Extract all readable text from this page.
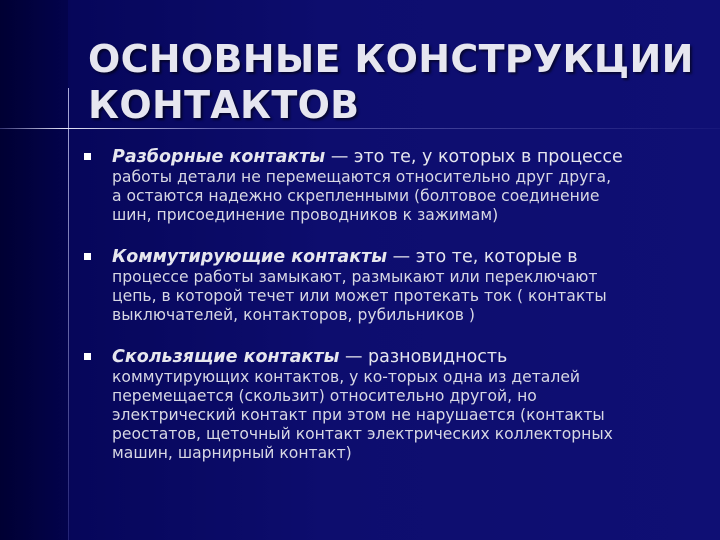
ОСНОВНЫЕ КОНСТРУКЦИИ
КОНТАКТОВ
Разборные контакты — это те, у которых в процессе
работы детали не перемещаются относительно друг друга,
а остаются надежно скрепленными (болтовое соединение
шин, присоединение проводников к зажимам)
Коммутирующие контакты — это те, которые в
процессе работы замыкают, размыкают или переключают
цепь, в которой течет или может протекать ток ( контакты
выключателей, контакторов, рубильников )
Скользящие контакты — разновидность
коммутирующих контактов, у ко-торых одна из деталей
перемещается (скользит) относительно другой, но
электрический контакт при этом не нарушается (контакты
реостатов, щеточный контакт электрических коллекторных
машин, шарнирный контакт)
